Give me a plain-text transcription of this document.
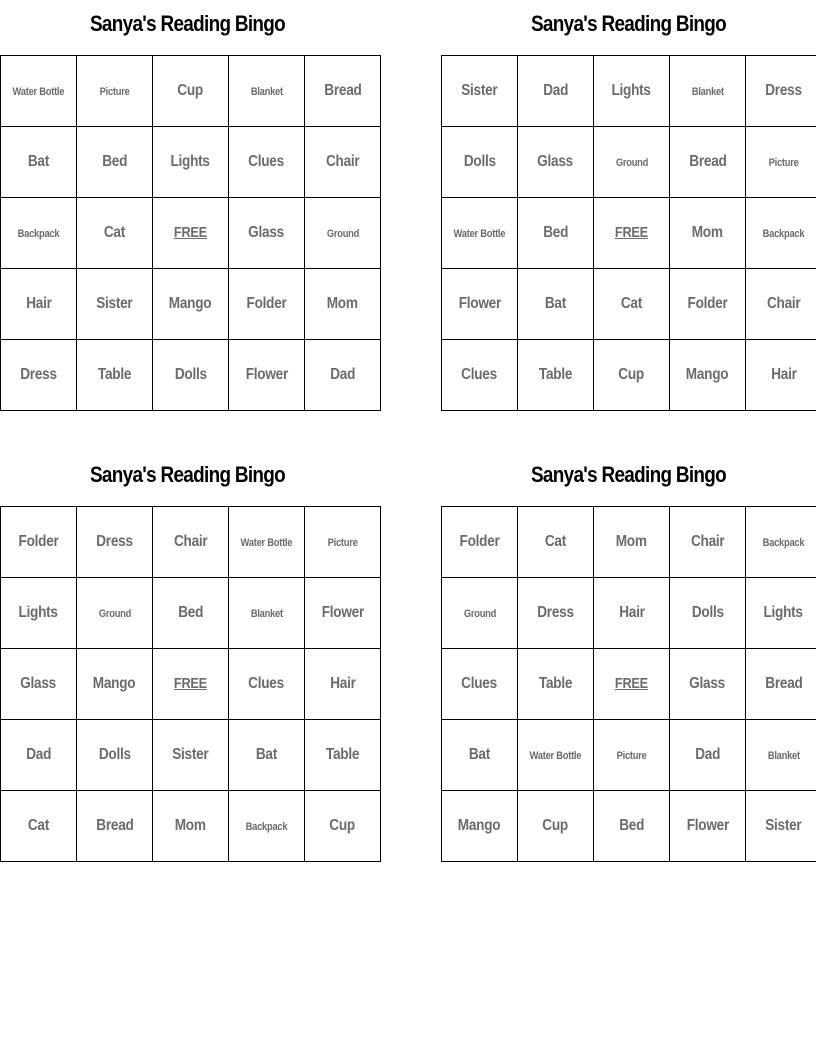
Sanya's Reading Bingo
Water Bottle	Picture	Cup	Blanket	Bread
Bat	Bed	Lights	Clues	Chair
Backpack	Cat	FREE	Glass	Ground
Hair	Sister	Mango	Folder	Mom
Dress	Table	Dolls	Flower	Dad
Sanya's Reading Bingo
Sister	Dad	Lights	Blanket	Dress
Dolls	Glass	Ground	Bread	Picture
Water Bottle	Bed	FREE	Mom	Backpack
Flower	Bat	Cat	Folder	Chair
Clues	Table	Cup	Mango	Hair
Sanya's Reading Bingo
Folder	Dress	Chair	Water Bottle	Picture
Lights	Ground	Bed	Blanket	Flower
Glass	Mango	FREE	Clues	Hair
Dad	Dolls	Sister	Bat	Table
Cat	Bread	Mom	Backpack	Cup
Sanya's Reading Bingo
Folder	Cat	Mom	Chair	Backpack
Ground	Dress	Hair	Dolls	Lights
Clues	Table	FREE	Glass	Bread
Bat	Water Bottle	Picture	Dad	Blanket
Mango	Cup	Bed	Flower	Sister
